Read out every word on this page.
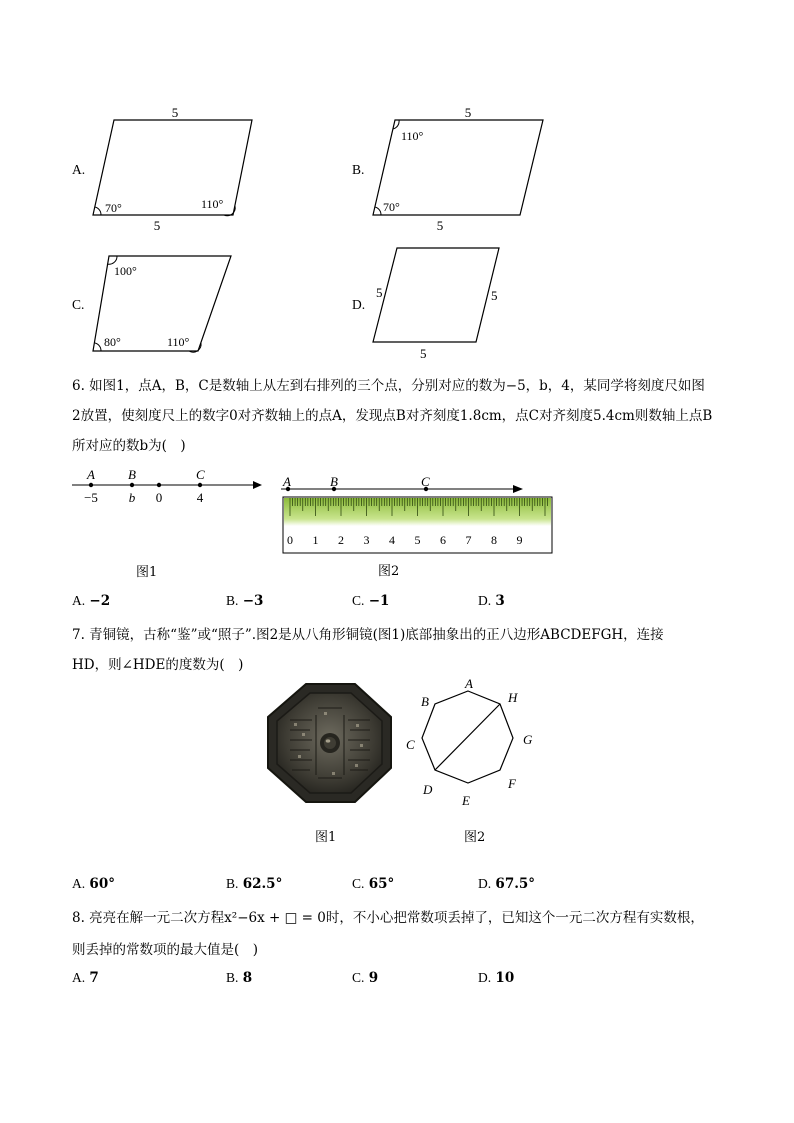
A.
5
5
70°	110°
B.
5
5
110°
70°
C.
100°
80°	110°
D.
5	5
5
6. 如图1，点A，B，C是数轴上从左到右排列的三个点，分别对应的数为−5，b，4，某同学将刻度尺如图
2放置，使刻度尺上的数字0对齐数轴上的点A，发现点B对齐刻度1.8cm，点C对齐刻度5.4cm则数轴上点B
所对应的数b为(　)
A	B	C
−5 b 0	4
图1
A	B	C
0 1 2 3 4 5 6 7 8 9
图2
A. −2	B. −3	C. −1	D. 3
7. 青铜镜，古称“鉴”或“照子”.图2是从八角形铜镜(图1)底部抽象出的正八边形ABCDEFGH，连接
HD，则∠HDE的度数为(　)
图1
A
B
C
D
E
F
G
H
图2
A. 60°	B. 62.5°	C. 65°	D. 67.5°
8. 亮亮在解一元二次方程x²−6x + □ = 0时，不小心把常数项丢掉了，已知这个一元二次方程有实数根，
则丢掉的常数项的最大值是(　)
A. 7	B. 8	C. 9	D. 10
